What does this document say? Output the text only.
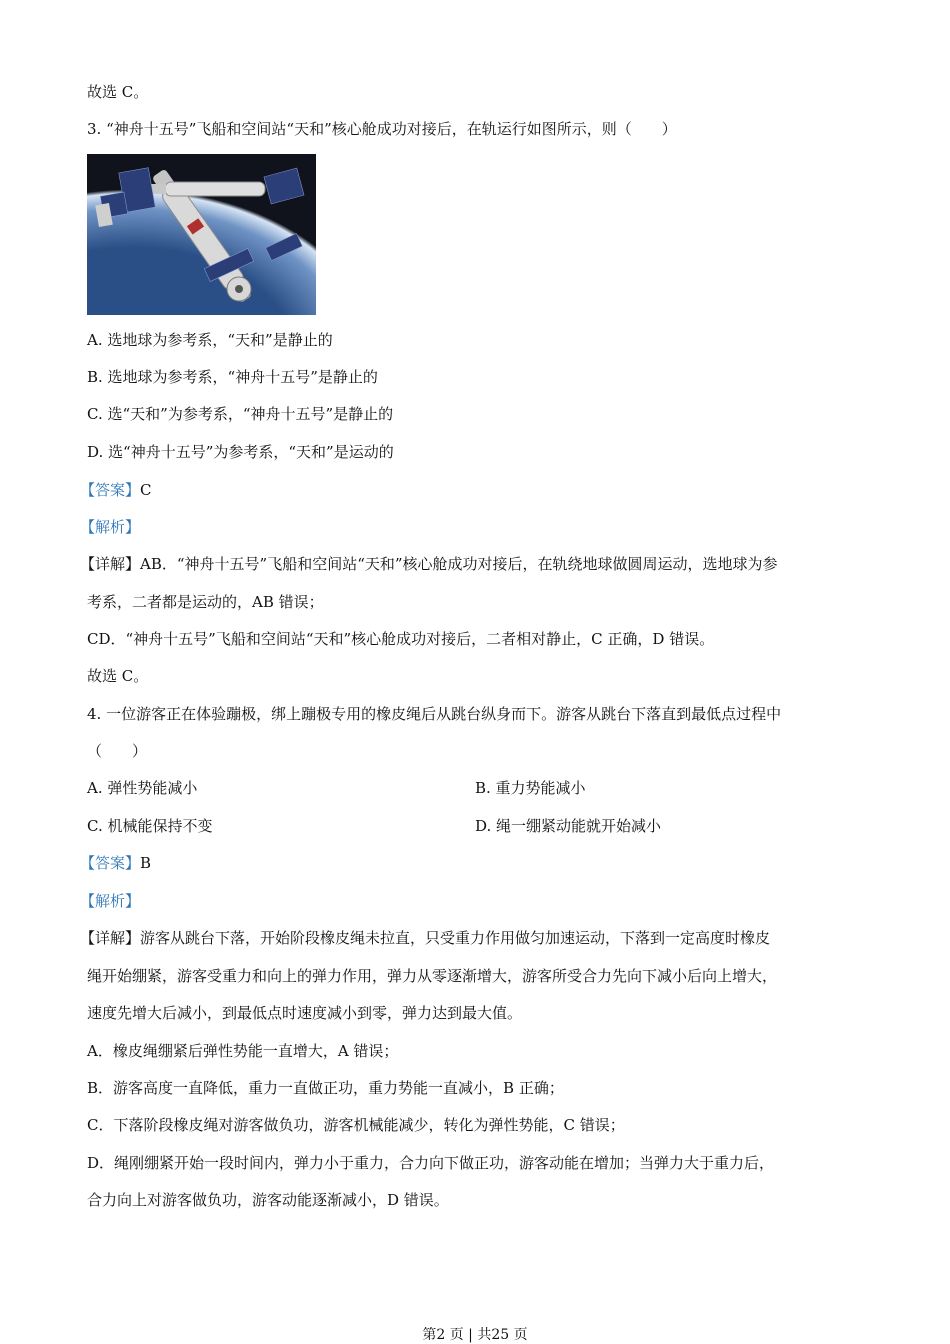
故选 C。
3. “神舟十五号”飞船和空间站“天和”核心舱成功对接后，在轨运行如图所示，则（　　）
A. 选地球为参考系，“天和”是静止的
B. 选地球为参考系，“神舟十五号”是静止的
C. 选“天和”为参考系，“神舟十五号”是静止的
D. 选“神舟十五号”为参考系，“天和”是运动的
【答案】C
【解析】
【详解】AB．“神舟十五号”飞船和空间站“天和”核心舱成功对接后，在轨绕地球做圆周运动，选地球为参
考系，二者都是运动的，AB 错误；
CD．“神舟十五号”飞船和空间站“天和”核心舱成功对接后，二者相对静止，C 正确，D 错误。
故选 C。
4. 一位游客正在体验蹦极，绑上蹦极专用的橡皮绳后从跳台纵身而下。游客从跳台下落直到最低点过程中
（　　）
A. 弹性势能减小	B. 重力势能减小
C. 机械能保持不变	D. 绳一绷紧动能就开始减小
【答案】B
【解析】
【详解】游客从跳台下落，开始阶段橡皮绳未拉直，只受重力作用做匀加速运动，下落到一定高度时橡皮
绳开始绷紧，游客受重力和向上的弹力作用，弹力从零逐渐增大，游客所受合力先向下减小后向上增大，
速度先增大后减小，到最低点时速度减小到零，弹力达到最大值。
A．橡皮绳绷紧后弹性势能一直增大，A 错误；
B．游客高度一直降低，重力一直做正功，重力势能一直减小，B 正确；
C．下落阶段橡皮绳对游客做负功，游客机械能减少，转化为弹性势能，C 错误；
D．绳刚绷紧开始一段时间内，弹力小于重力，合力向下做正功，游客动能在增加；当弹力大于重力后，
合力向上对游客做负功，游客动能逐渐减小，D 错误。
第2 页 | 共25 页
